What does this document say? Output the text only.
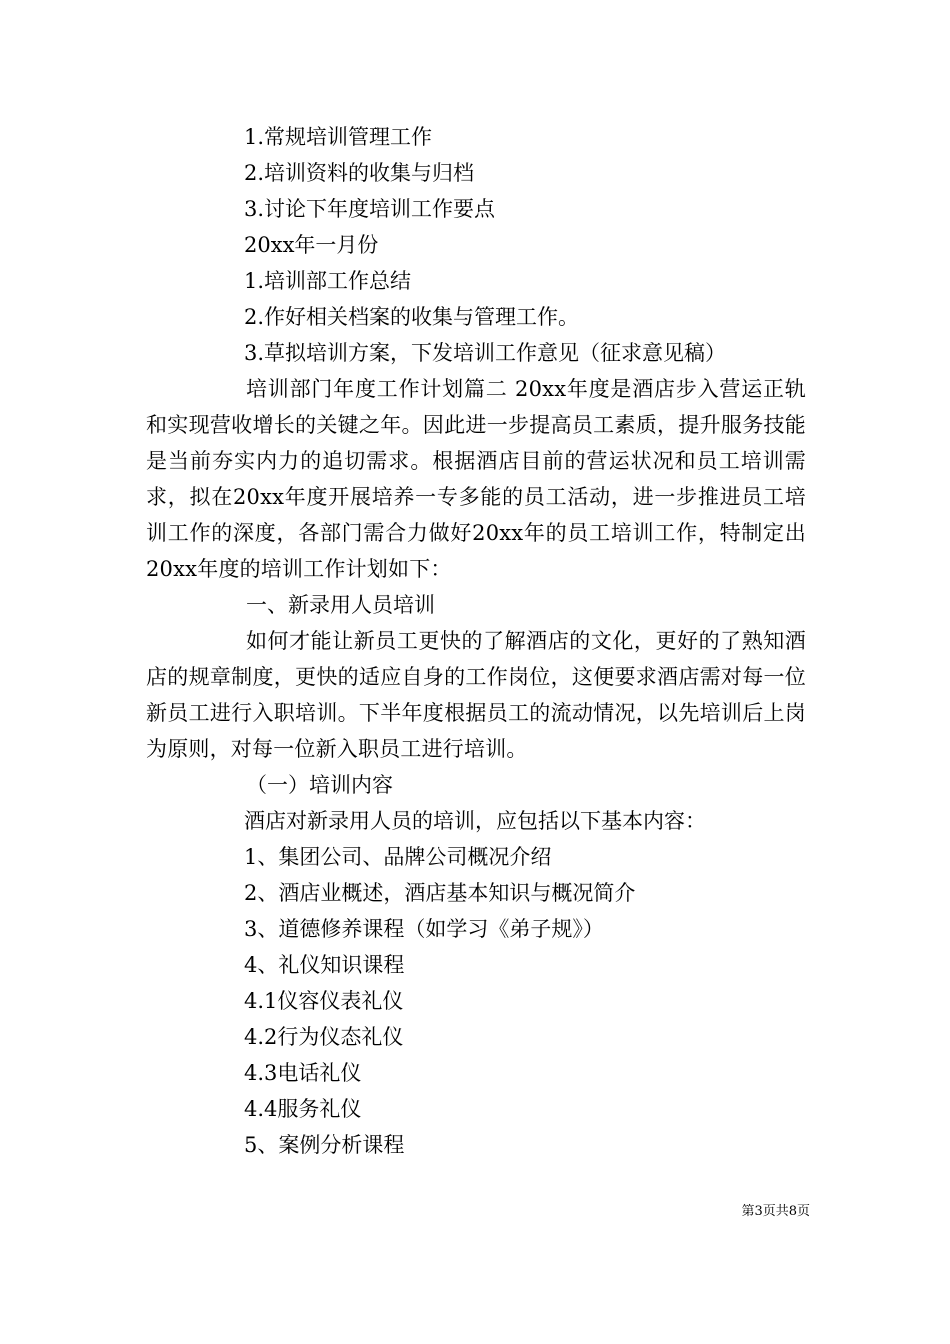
1.常规培训管理工作
2.培训资料的收集与归档
3.讨论下年度培训工作要点
20xx年一月份
1.培训部工作总结
2.作好相关档案的收集与管理工作。
3.草拟培训方案，下发培训工作意见（征求意见稿）

培训部门年度工作计划篇二 20xx年度是酒店步入营运正轨和实现营收增长的关键之年。因此进一步提高员工素质，提升服务技能是当前夯实内力的追切需求。根据酒店目前的营运状况和员工培训需求，拟在20xx年度开展培养一专多能的员工活动，进一步推进员工培训工作的深度，各部门需合力做好20xx年的员工培训工作，特制定出20xx年度的培训工作计划如下：

一、新录用人员培训

如何才能让新员工更快的了解酒店的文化，更好的了熟知酒店的规章制度，更快的适应自身的工作岗位，这便要求酒店需对每一位新员工进行入职培训。下半年度根据员工的流动情况，以先培训后上岗为原则，对每一位新入职员工进行培训。

（一）培训内容
酒店对新录用人员的培训，应包括以下基本内容：
1、集团公司、品牌公司概况介绍
2、酒店业概述，酒店基本知识与概况简介
3、道德修养课程（如学习《弟子规》）
4、礼仪知识课程
4.1仪容仪表礼仪
4.2行为仪态礼仪
4.3电话礼仪
4.4服务礼仪
5、案例分析课程
第3页共8页
